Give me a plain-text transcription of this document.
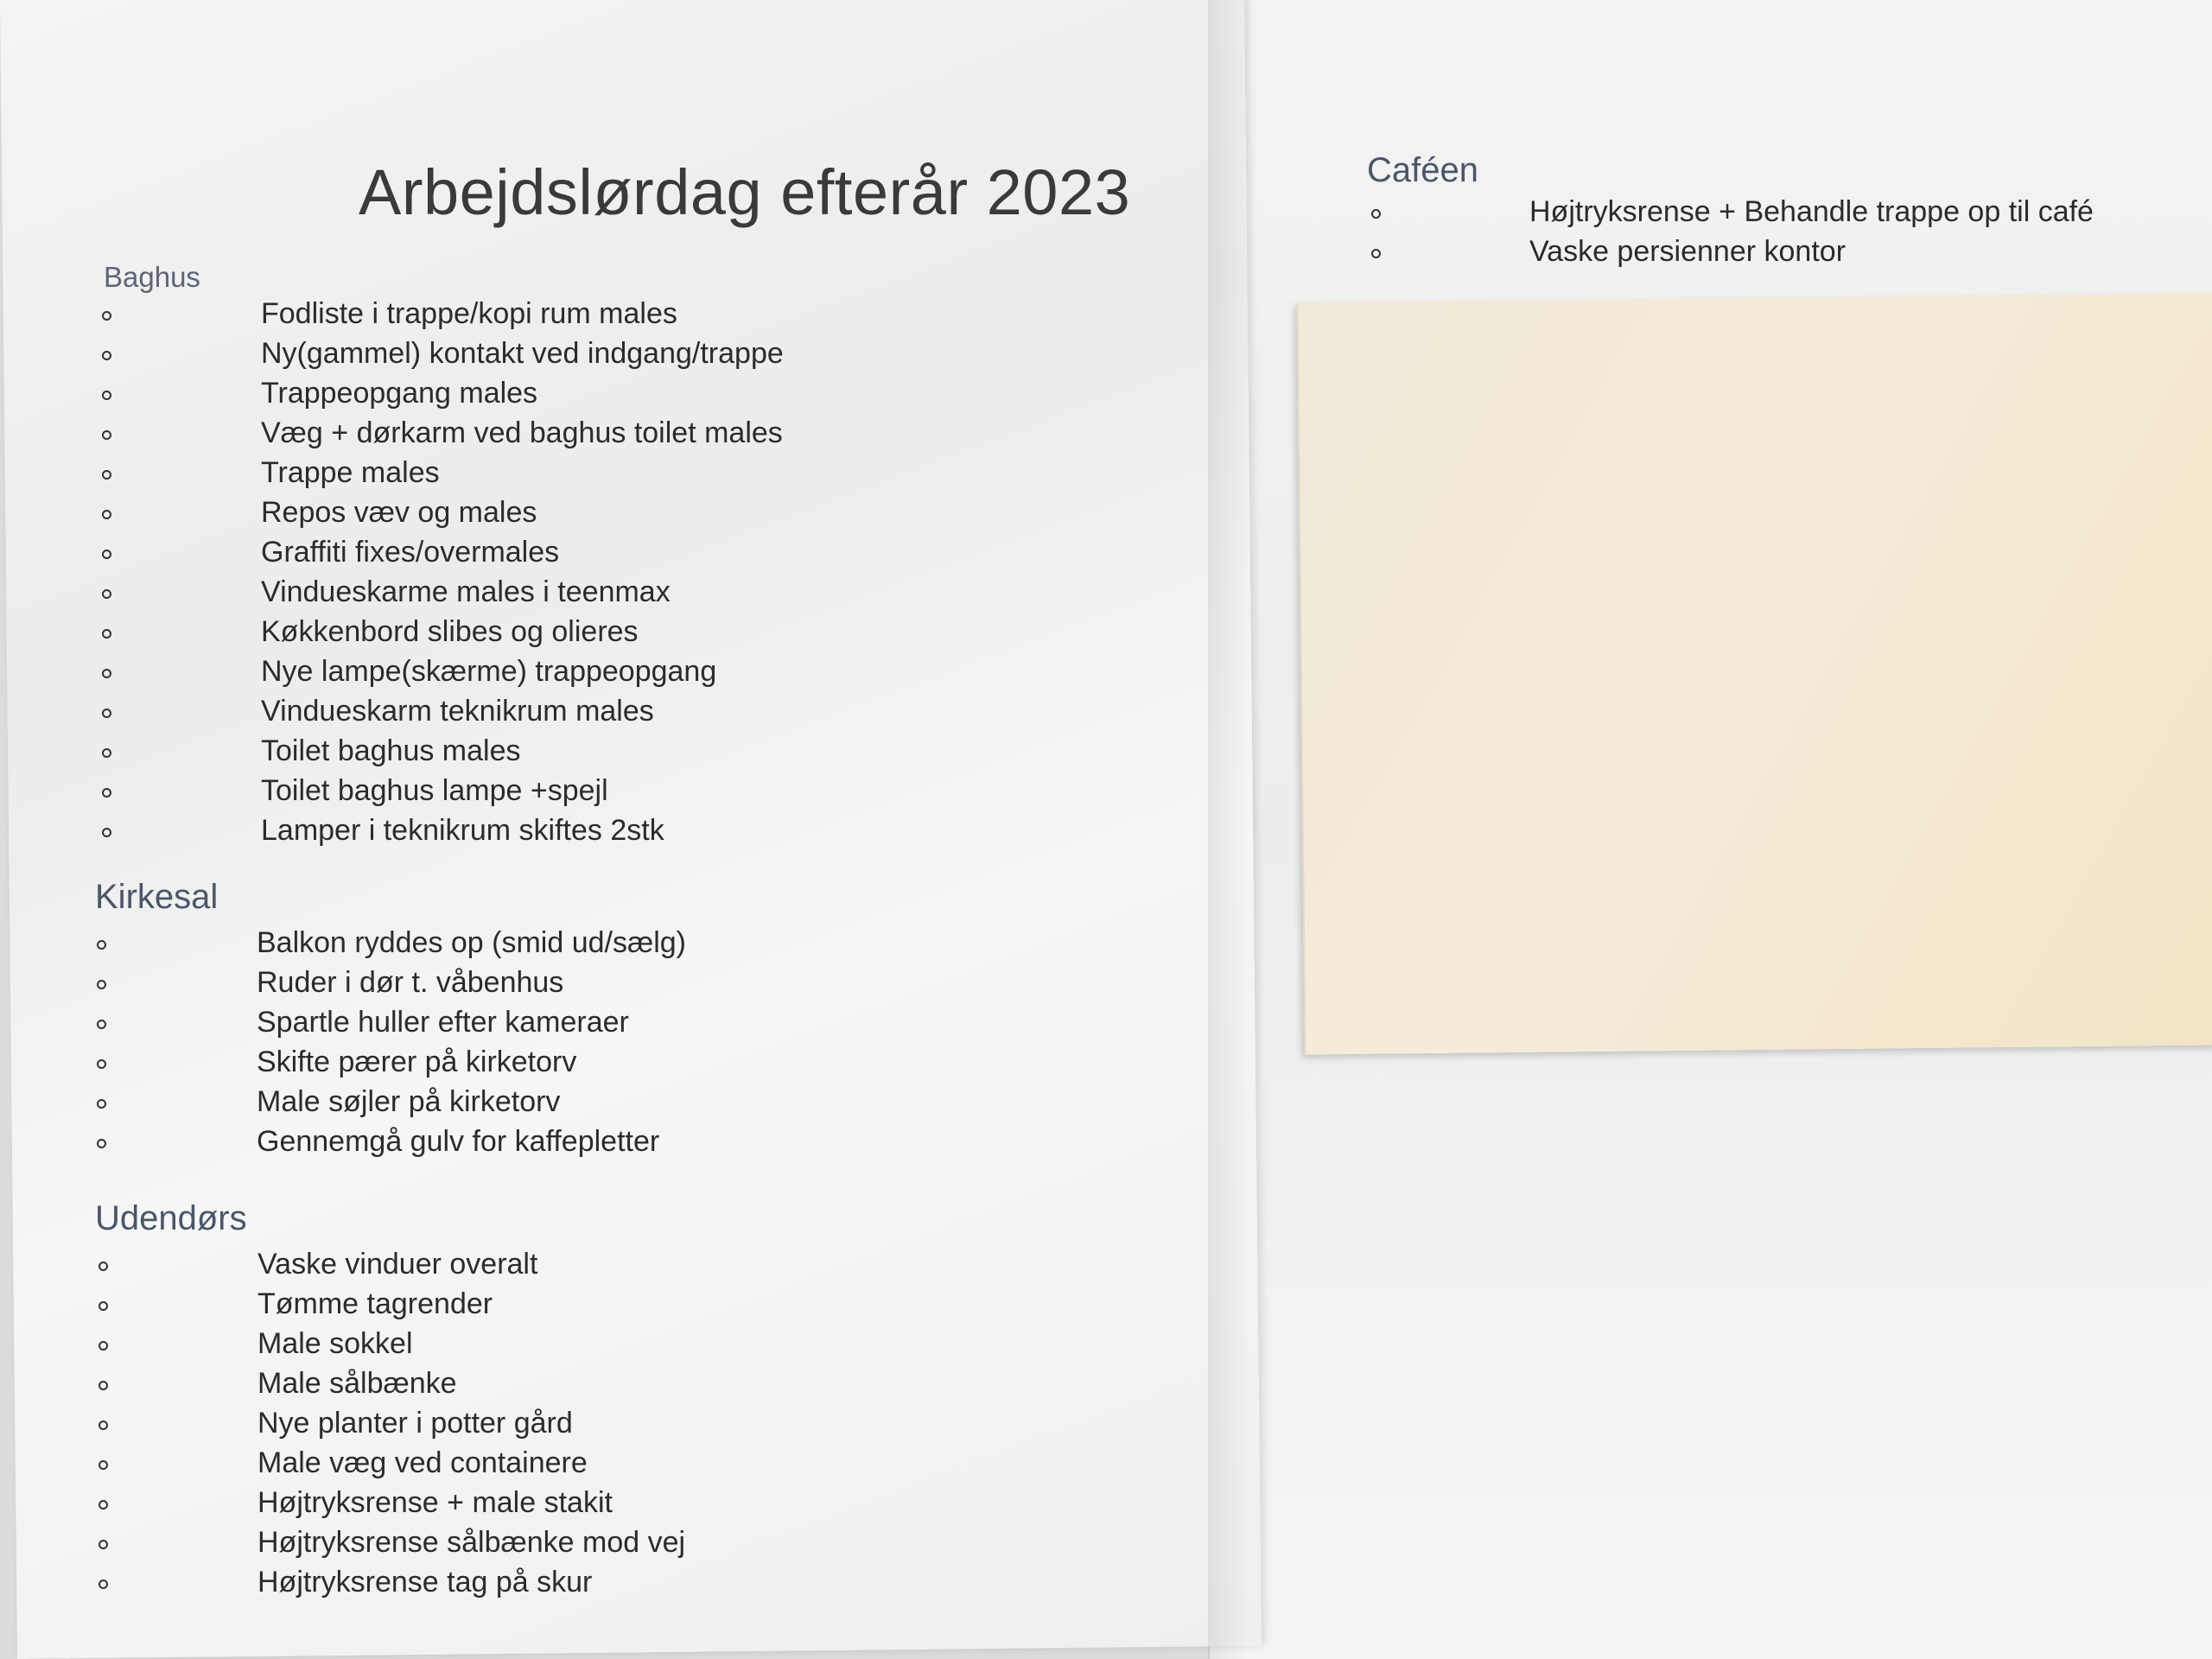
Arbejdslørdag efterår 2023
Baghus
Fodliste i trappe/kopi rum males
Ny(gammel) kontakt ved indgang/trappe
Trappeopgang males
Væg + dørkarm ved baghus toilet males
Trappe males
Repos væv og males
Graffiti fixes/overmales
Vindueskarme males i teenmax
Køkkenbord slibes og olieres
Nye lampe(skærme) trappeopgang
Vindueskarm teknikrum males
Toilet baghus males
Toilet baghus lampe +spejl
Lamper i teknikrum skiftes 2stk
Kirkesal
Balkon ryddes op (smid ud/sælg)
Ruder i dør t. våbenhus
Spartle huller efter kameraer
Skifte pærer på kirketorv
Male søjler på kirketorv
Gennemgå gulv for kaffepletter
Udendørs
Vaske vinduer overalt
Tømme tagrender
Male sokkel
Male sålbænke
Nye planter i potter gård
Male væg ved containere
Højtryksrense + male stakit
Højtryksrense sålbænke mod vej
Højtryksrense tag på skur
Caféen
Højtryksrense + Behandle trappe op til café
Vaske persienner kontor
